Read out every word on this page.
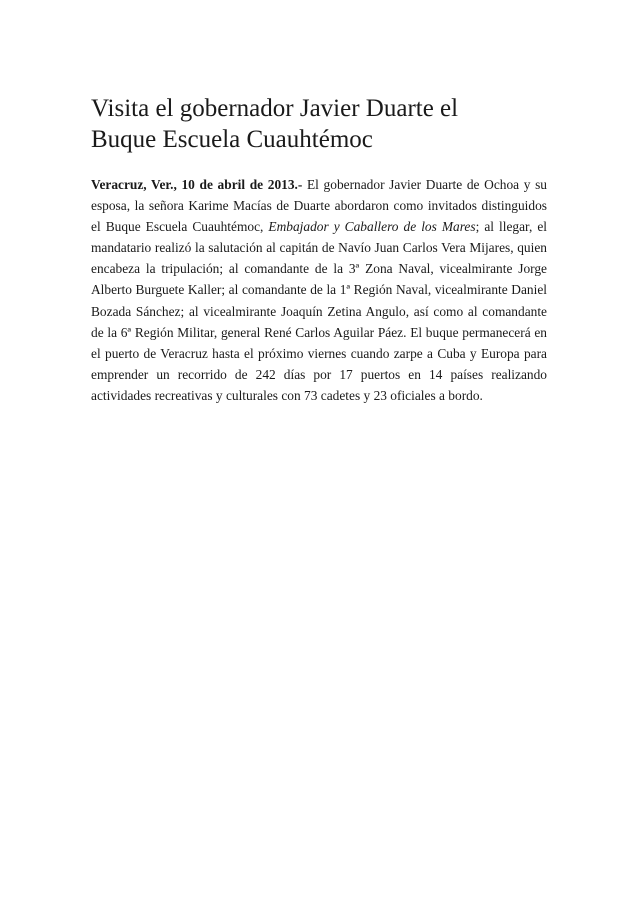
Visita el gobernador Javier Duarte el
Buque Escuela Cuauhtémoc

Veracruz, Ver., 10 de abril de 2013.- El gobernador Javier Duarte de Ochoa y su esposa, la señora Karime Macías de Duarte abordaron como invitados distinguidos el Buque Escuela Cuauhtémoc, Embajador y Caballero de los Mares; al llegar, el mandatario realizó la salutación al capitán de Navío Juan Carlos Vera Mijares, quien encabeza la tripulación; al comandante de la 3ª Zona Naval, vicealmirante Jorge Alberto Burguete Kaller; al comandante de la 1ª Región Naval, vicealmirante Daniel Bozada Sánchez; al vicealmirante Joaquín Zetina Angulo, así como al comandante de la 6ª Región Militar, general René Carlos Aguilar Páez. El buque permanecerá en el puerto de Veracruz hasta el próximo viernes cuando zarpe a Cuba y Europa para emprender un recorrido de 242 días por 17 puertos en 14 países realizando actividades recreativas y culturales con 73 cadetes y 23 oficiales a bordo.
